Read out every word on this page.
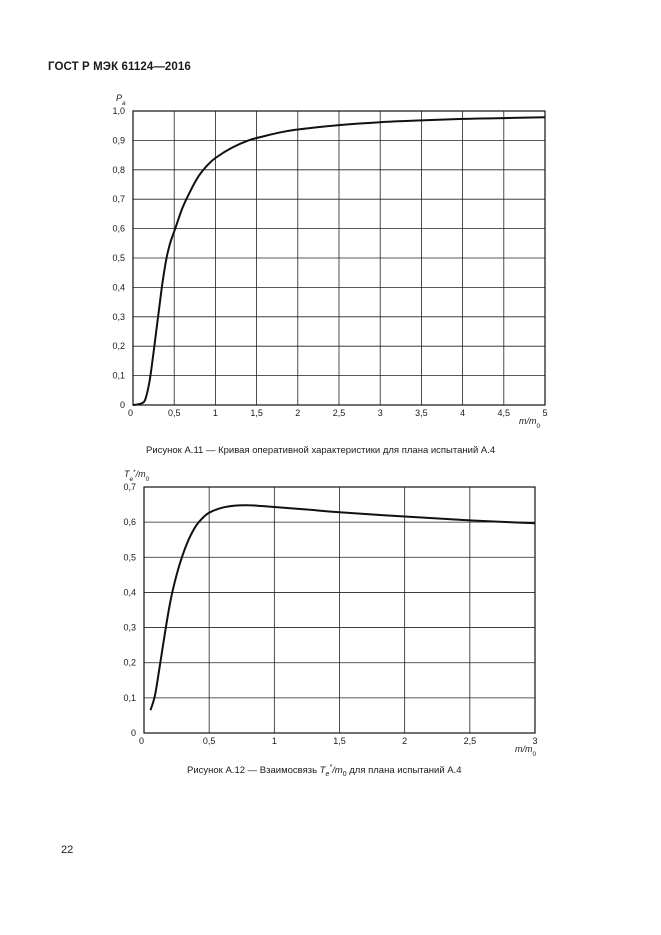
ГОСТ Р МЭК 61124—2016
0	0,5	1	1,5	2	2,5	3	3,5	4	4,5	5
0
0,1
0,2
0,3
0,4
0,5
0,6
0,7
0,8
0,9
1,0
$P_a$
$m/m_0$
0	0,5	1	1,5	2	2,5	3
0
0,1
0,2
0,3
0,4
0,5
0,6
0,7
$T_e^*/m_0$
$m/m_0$
Рисунок А.11 — Кривая оперативной характеристики для плана испытаний А.4
Рисунок А.12 — Взаимосвязь $T_e^*/m_0$ для плана испытаний А.4
22
